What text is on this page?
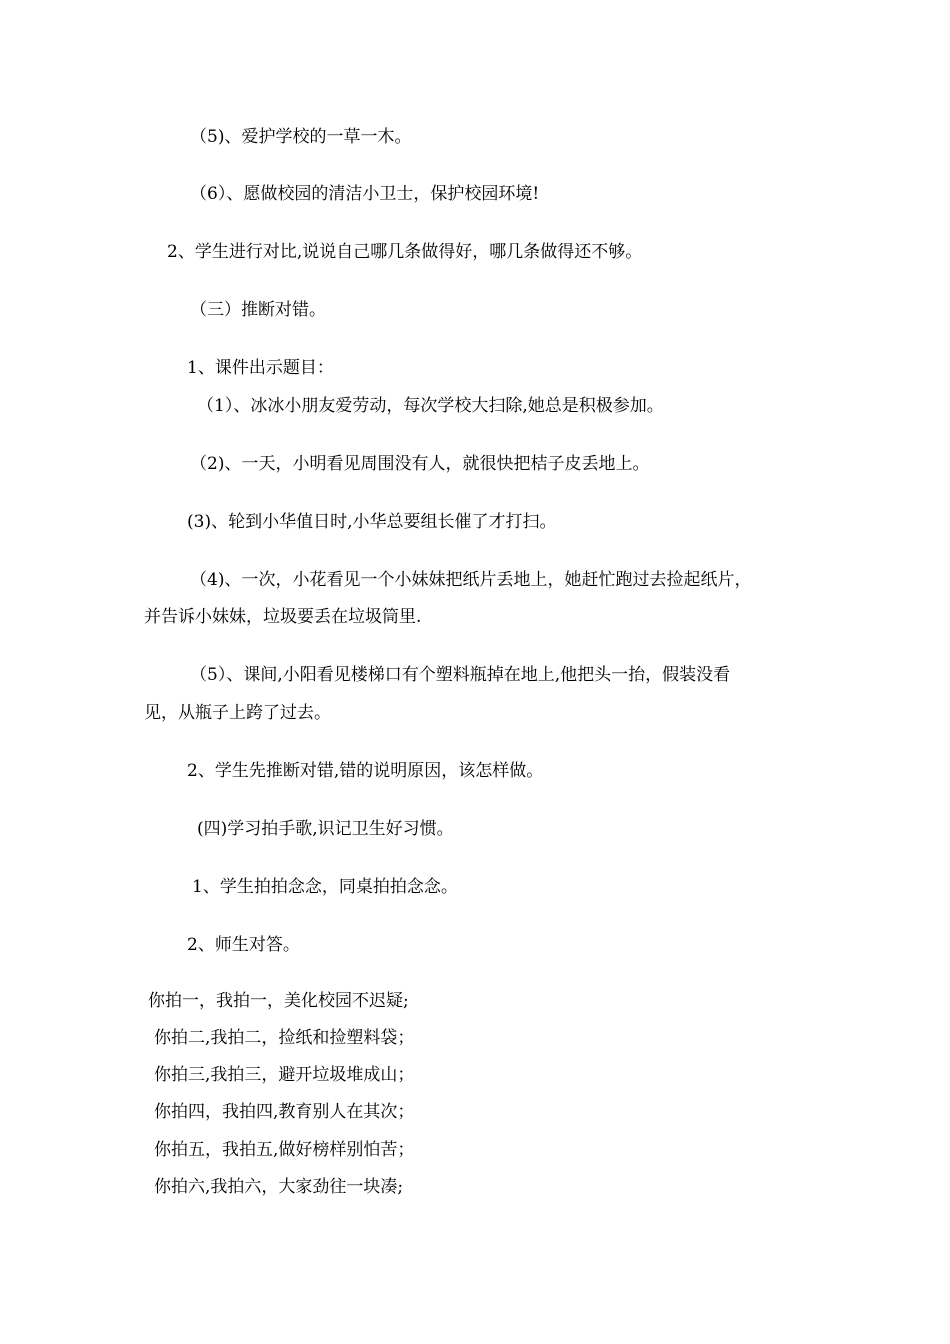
（5)、爱护学校的一草一木。
（6）、愿做校园的清洁小卫士，保护校园环境!
2、学生进行对比,说说自己哪几条做得好，哪几条做得还不够。
（三）推断对错。
1、课件出示题目：
（1）、冰冰小朋友爱劳动，每次学校大扫除,她总是积极参加。
（2)、一天，小明看见周围没有人，就很快把桔子皮丢地上。
(3)、轮到小华值日时,小华总要组长催了才打扫。
（4)、一次，小花看见一个小妹妹把纸片丢地上，她赶忙跑过去捡起纸片，
并告诉小妹妹，垃圾要丢在垃圾筒里.
（5）、课间,小阳看见楼梯口有个塑料瓶掉在地上,他把头一抬，假装没看
见，从瓶子上跨了过去。
2、学生先推断对错,错的说明原因，该怎样做。
(四)学习拍手歌,识记卫生好习惯。
1、学生拍拍念念，同桌拍拍念念。
2、师生对答。
你拍一，我拍一，美化校园不迟疑;
你拍二,我拍二，捡纸和捡塑料袋；
你拍三,我拍三，避开垃圾堆成山；
你拍四，我拍四,教育别人在其次；
你拍五，我拍五,做好榜样别怕苦；
你拍六,我拍六，大家劲往一块凑;
